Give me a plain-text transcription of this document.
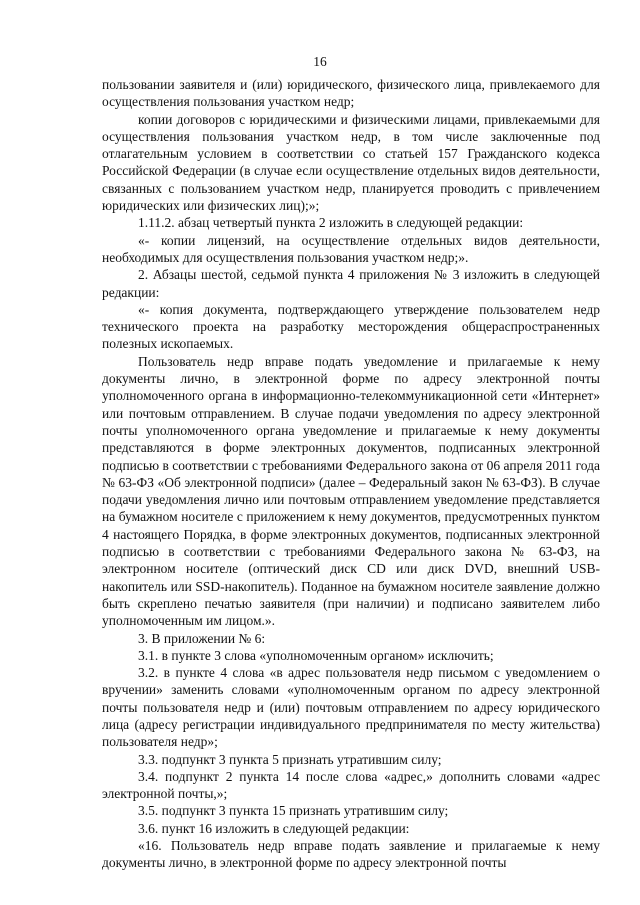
16

пользовании заявителя и (или) юридического, физического лица, привлекаемого для осуществления пользования участком недр;

копии договоров с юридическими и физическими лицами, привлекаемыми для осуществления пользования участком недр, в том числе заключенные под отлагательным условием в соответствии со статьей 157 Гражданского кодекса Российской Федерации (в случае если осуществление отдельных видов деятельности, связанных с пользованием участком недр, планируется проводить с привлечением юридических или физических лиц);»;

1.11.2. абзац четвертый пункта 2 изложить в следующей редакции:

«- копии лицензий, на осуществление отдельных видов деятельности, необходимых для осуществления пользования участком недр;».

2. Абзацы шестой, седьмой пункта 4 приложения № 3 изложить в следующей редакции:

«- копия документа, подтверждающего утверждение пользователем недр технического проекта на разработку месторождения общераспространенных полезных ископаемых.

Пользователь недр вправе подать уведомление и прилагаемые к нему документы лично, в электронной форме по адресу электронной почты уполномоченного органа в информационно-телекоммуникационной сети «Интернет» или почтовым отправлением. В случае подачи уведомления по адресу электронной почты уполномоченного органа уведомление и прилагаемые к нему документы представляются в форме электронных документов, подписанных электронной подписью в соответствии с требованиями Федерального закона от 06 апреля 2011 года № 63-ФЗ «Об электронной подписи» (далее – Федеральный закон № 63-ФЗ). В случае подачи уведомления лично или почтовым отправлением уведомление представляется на бумажном носителе с приложением к нему документов, предусмотренных пунктом 4 настоящего Порядка, в форме электронных документов, подписанных электронной подписью в соответствии с требованиями Федерального закона № 63-ФЗ, на электронном носителе (оптический диск CD или диск DVD, внешний USB-накопитель или SSD-накопитель). Поданное на бумажном носителе заявление должно быть скреплено печатью заявителя (при наличии) и подписано заявителем либо уполномоченным им лицом.».

3. В приложении № 6:

3.1. в пункте 3 слова «уполномоченным органом» исключить;

3.2. в пункте 4 слова «в адрес пользователя недр письмом с уведомлением о вручении» заменить словами «уполномоченным органом по адресу электронной почты пользователя недр и (или) почтовым отправлением по адресу юридического лица (адресу регистрации индивидуального предпринимателя по месту жительства) пользователя недр»;

3.3. подпункт 3 пункта 5 признать утратившим силу;

3.4. подпункт 2 пункта 14 после слова «адрес,» дополнить словами «адрес электронной почты,»;

3.5. подпункт 3 пункта 15 признать утратившим силу;

3.6. пункт 16 изложить в следующей редакции:

«16. Пользователь недр вправе подать заявление и прилагаемые к нему документы лично, в электронной форме по адресу электронной почты
